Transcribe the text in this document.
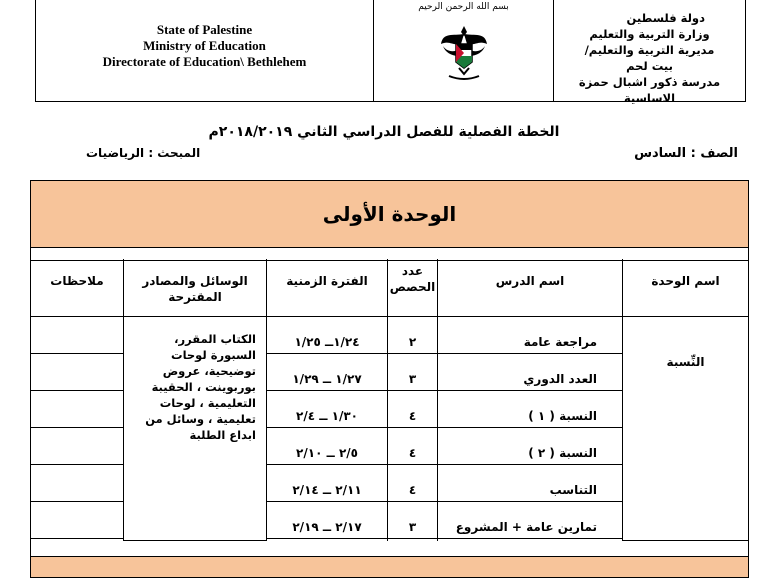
State of Palestine
Ministry of Education
Directorate of Education\ Bethlehem
بسم الله الرحمن الرحيم
دولة فلسطين
وزارة التربية والتعليم
مديرية التربية والتعليم/
بيت لحم
مدرسة ذكور اشبال حمزة الاساسية
الخطة الفصلية للفصل الدراسي الثاني ٢٠١٨/٢٠١٩م
الصف : السادس
المبحث : الرياضيات
الوحدة الأولى
اسم الوحدة
اسم الدرس
عدد الحصص
الفترة الزمنية
الوسائل والمصادر المقترحة
ملاحظات
النِّسبة
مراجعة عامة
العدد الدوري
النسبة ( ١ )
النسبة ( ٢ )
التناسب
تمارين عامة + المشروع
٢
٣
٤
٤
٤
٣
١/٢٤ــ ١/٢٥
١/٢٧ ــ ١/٢٩
١/٣٠ ــ ٢/٤
٢/٥ ــ ٢/١٠
٢/١١ ــ ٢/١٤
٢/١٧ ــ ٢/١٩
الكتاب المقرر، السبورة لوحات توضيحية، عروض بوربوينت ، الحقيبة التعليمية ، لوحات تعليمية ، وسائل من ابداع الطلبة
